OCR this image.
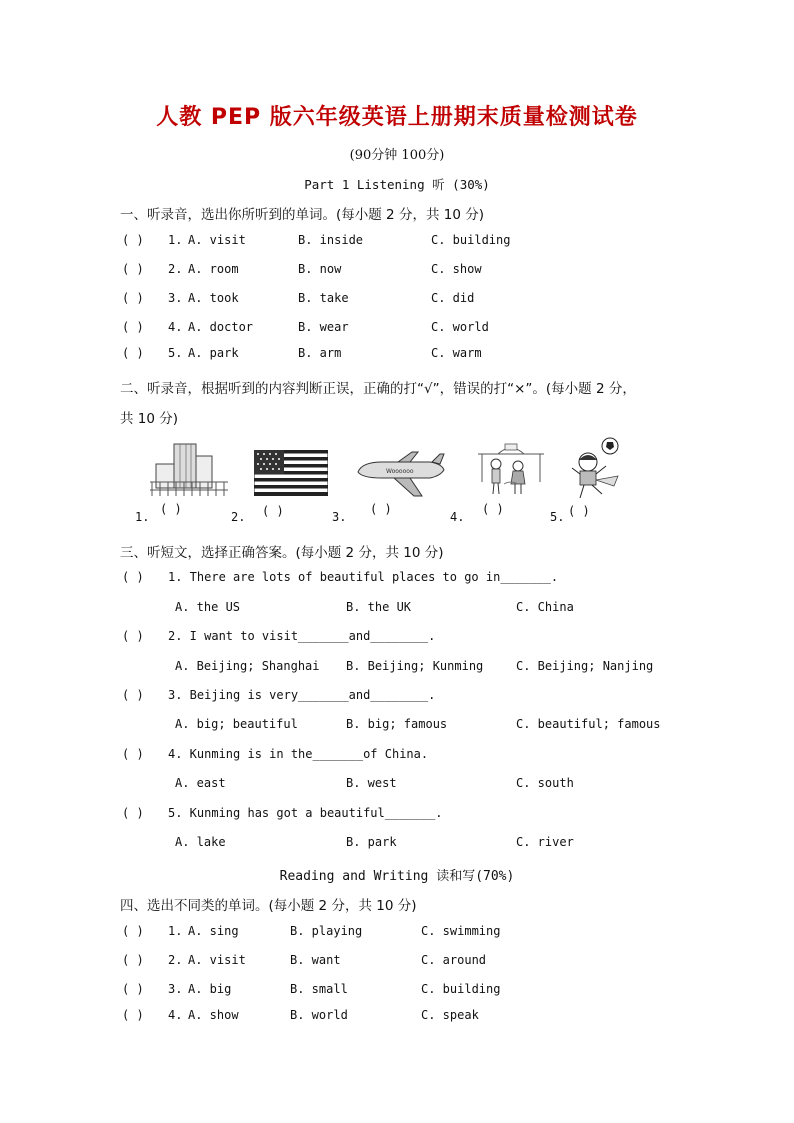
人教 PEP 版六年级英语上册期末质量检测试卷
(90分钟 100分)
Part 1 Listening 听 (30%)
一、听录音，选出你所听到的单词。(每小题 2 分，共 10 分)
( ) 1. A. visit	B. inside	C. building
( ) 2. A. room	B. now	C. show
( ) 3. A. took	B. take	C. did
( ) 4. A. doctor	B. wear	C. world
( ) 5. A. park	B. arm	C. warm
二、听录音，根据听到的内容判断正误，正确的打“√”，错误的打“×”。(每小题 2 分，
共 10 分)
Woooooo
1.
( )
2. ( )	3.
( )
4.
( )
5. ( )
三、听短文，选择正确答案。(每小题 2 分，共 10 分)
( ) 1. There are lots of beautiful places to go in_______.
A. the US	B. the UK	C. China
( ) 2. I want to visit_______and________.
A. Beijing; Shanghai B. Beijing; Kunming	C. Beijing; Nanjing
( ) 3. Beijing is very_______and________.
A. big; beautiful	B. big; famous	C. beautiful; famous
( ) 4. Kunming is in the_______of China.
A. east	B. west	C. south
( ) 5. Kunming has got a beautiful_______.
A. lake	B. park	C. river
Reading and Writing 读和写(70%)
四、选出不同类的单词。(每小题 2 分，共 10 分)
( ) 1. A. sing	B. playing	C. swimming
( ) 2. A. visit	B. want	C. around
( ) 3. A. big	B. small	C. building
( ) 4. A. show	B. world	C. speak
